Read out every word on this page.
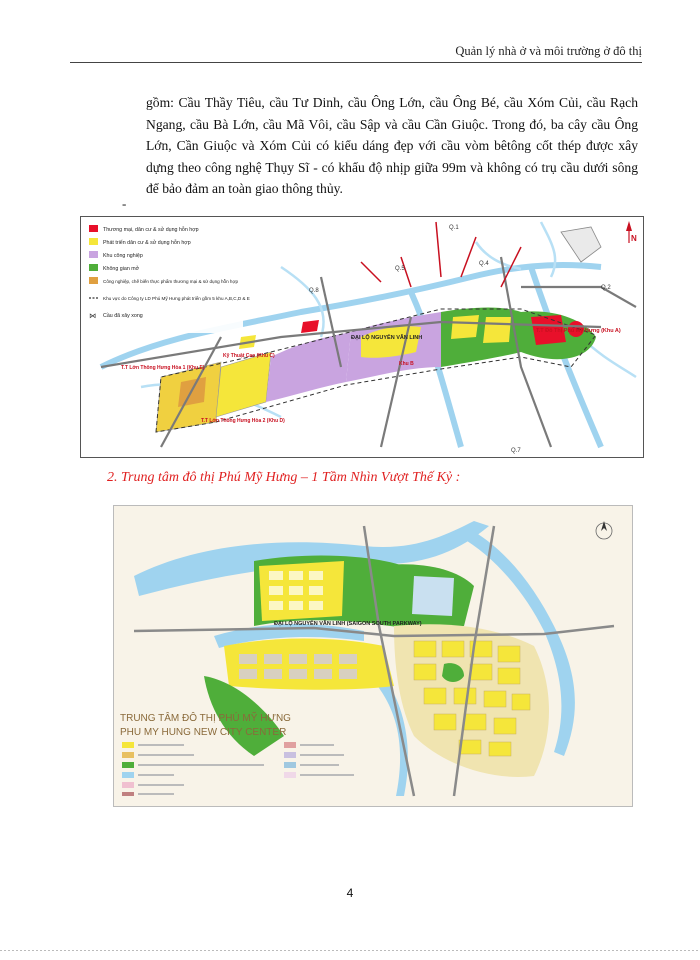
Quản lý nhà ở và môi trường ở đô thị
gồm: Cầu Thầy Tiêu, cầu Tư Dinh, cầu Ông Lớn, cầu Ông Bé, cầu Xóm Củi, cầu Rạch Ngang, cầu Bà Lớn, cầu Mã Vôi, cầu Sập và cầu Cần Giuộc. Trong đó, ba cây cầu Ông Lớn, Cần Giuộc và Xóm Củi có kiểu dáng đẹp với cầu vòm bêtông cốt thép được xây dựng theo công nghệ Thụy Sĩ - có khẩu độ nhịp giữa 99m và không có trụ cầu dưới sông để bảo đảm an toàn giao thông thủy.
-
Q.1
Q.4
Q.5
Q.8	Q.2
Q.7
ĐẠI LỘ NGUYỄN VĂN LINH
T.T Đô Thị Phú Mỹ Hưng (Khu A)
T.T Lớn Thông Hưng Hòa 1 (Khu E)
T.T Lớn Thông Hưng Hòa 2 (Khu D)
Kỹ Thuật Cao (Khu C)
Khu B
N
Thương mại, dân cư & sử dụng hỗn hợp
Phát triển dân cư & sử dụng hỗn hợp
Khu công nghiệp
Không gian mở
Công nghiệp, chế biến thực phẩm thương mại & sử dụng hỗn hợp
Khu vực do Công ty LD Phú Mỹ Hưng phát triển gồm 5 khu A,B,C,D & E
⋈ Cầu đã xây xong
2. Trung tâm đô thị Phú Mỹ Hưng – 1 Tầm Nhìn Vượt Thế Kỷ :
ĐẠI LỘ NGUYỄN VĂN LINH (SAIGON SOUTH PARKWAY)
TRUNG TÂM ĐÔ THỊ PHÚ MỸ HƯNG
PHU MY HUNG NEW CITY CENTER
4
